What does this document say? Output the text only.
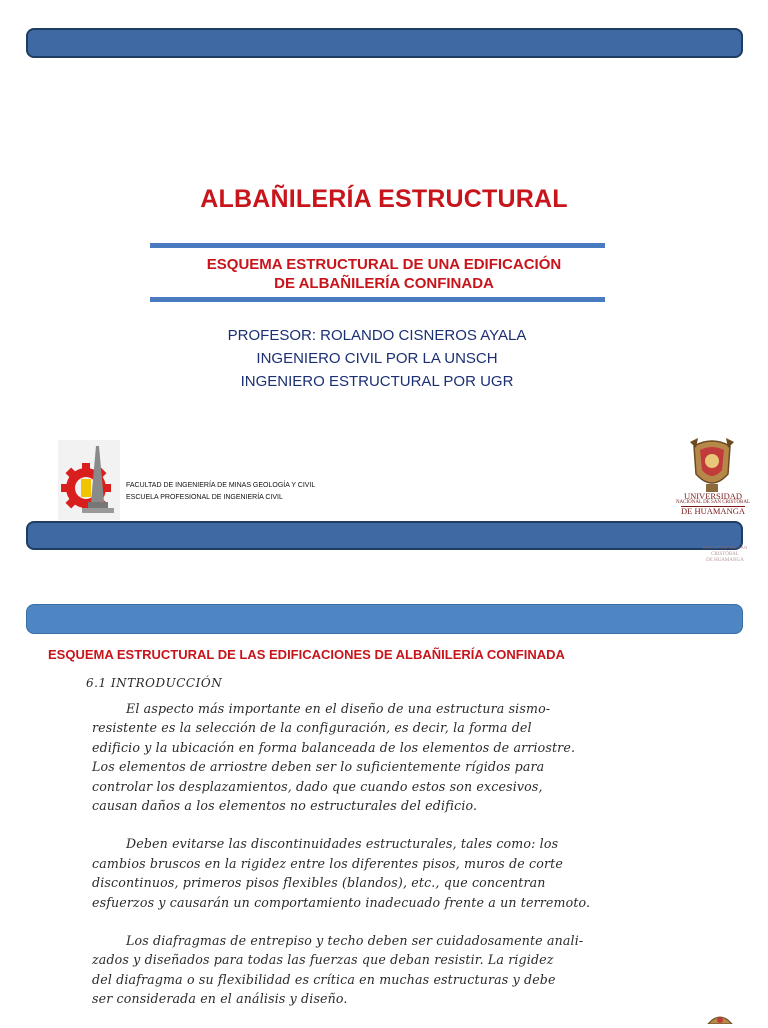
ALBAÑILERÍA ESTRUCTURAL
ESQUEMA ESTRUCTURAL DE UNA EDIFICACIÓN
DE ALBAÑILERÍA CONFINADA
PROFESOR: ROLANDO CISNEROS AYALA
INGENIERO CIVIL POR LA UNSCH
INGENIERO ESTRUCTURAL POR UGR
FACULTAD DE INGENIERÍA DE MINAS GEOLOGÍA Y CIVIL
ESCUELA PROFESIONAL DE INGENIERÍA CIVIL	UNIVERSIDAD
NACIONAL DE SAN CRISTÓBAL
DE HUAMANGA
NACIONAL DE SAN CRISTÓBAL
DE HUAMANGA
ESQUEMA ESTRUCTURAL DE LAS EDIFICACIONES DE ALBAÑILERÍA CONFINADA
6.1 INTRODUCCIÓN

El aspecto más importante en el diseño de una estructura sismo-
resistente es la selección de la configuración, es decir, la forma del
edificio y la ubicación en forma balanceada de los elementos de arriostre.
Los elementos de arriostre deben ser lo suficientemente rígidos para
controlar los desplazamientos, dado que cuando estos son excesivos,
causan daños a los elementos no estructurales del edificio.

Deben evitarse las discontinuidades estructurales, tales como: los
cambios bruscos en la rigidez entre los diferentes pisos, muros de corte
discontinuos, primeros pisos flexibles (blandos), etc., que concentran
esfuerzos y causarán un comportamiento inadecuado frente a un terremoto.

Los diafragmas de entrepiso y techo deben ser cuidadosamente anali-
zados y diseñados para todas las fuerzas que deban resistir. La rigidez
del diafragma o su flexibilidad es crítica en muchas estructuras y debe
ser considerada en el análisis y diseño.
